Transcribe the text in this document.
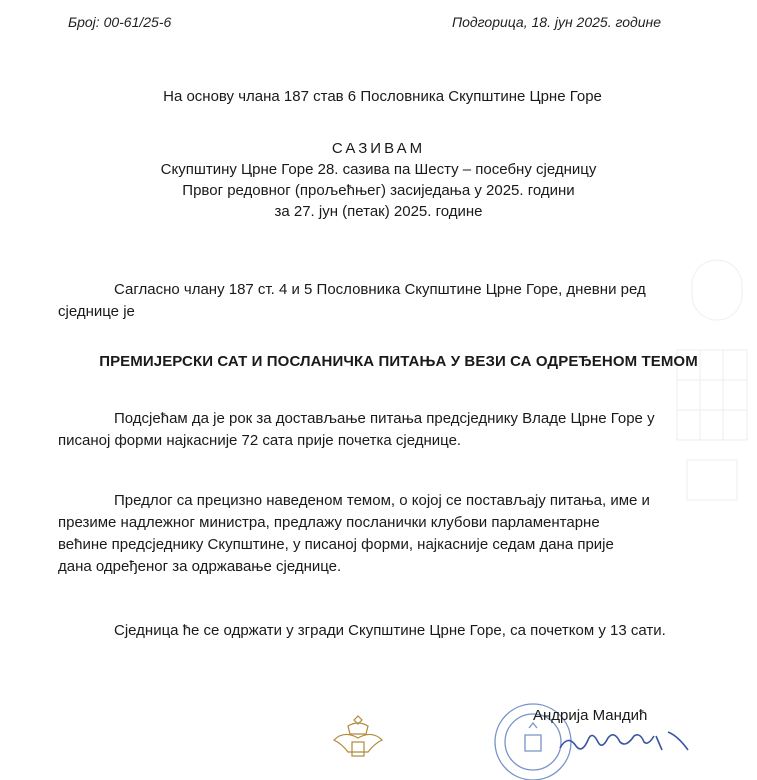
Број: 00-61/25-6	Подгорица, 18. јун 2025. године
На основу члана 187 став 6 Пословника Скупштине Црне Горе
САЗИВАМ
Скупштину Црне Горе 28. сазива па Шесту – посебну сједницу
Првог редовног (прољећњег) засиједања у 2025. години
за 27. јун (петак) 2025. године
Сагласно члану 187 ст. 4 и 5 Пословника Скупштине Црне Горе, дневни ред
сједнице је
ПРЕМИЈЕРСКИ САТ И ПОСЛАНИЧКА ПИТАЊА У ВЕЗИ СА ОДРЕЂЕНОМ ТЕМОМ
Подсјећам да је рок за достављање питања предсједнику Владе Црне Горе у
писаној форми најкасније 72 сата прије почетка сједнице.
Предлог са прецизно наведеном темом, о којој се постављају питања, име и
презиме надлежног министра, предлажу посланички клубови парламентарне
већине предсједнику Скупштине, у писаној форми, најкасније седам дана прије
дана одређеног за одржавање сједнице.
Сједница ће се одржати у згради Скупштине Црне Горе, са почетком у 13 сати.
Андрија Мандић
